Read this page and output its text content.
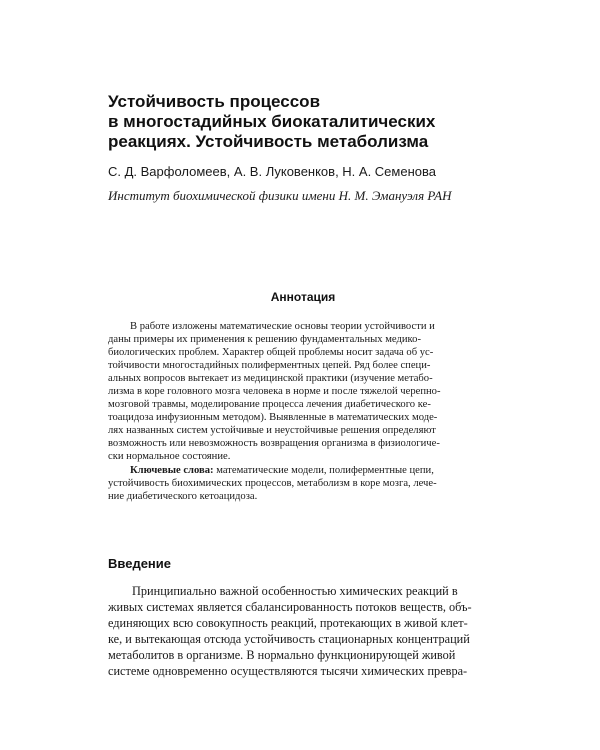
Устойчивость процессов
в многостадийных биокаталитических
реакциях. Устойчивость метаболизма
С. Д. Варфоломеев, А. В. Луковенков, Н. А. Семенова
Институт биохимической физики имени Н. М. Эмануэля РАН
Аннотация
В работе изложены математические основы теории устойчивости и
даны примеры их применения к решению фундаментальных медико-
биологических проблем. Характер общей проблемы носит задача об ус-
тойчивости многостадийных полиферментных цепей. Ряд более специ-
альных вопросов вытекает из медицинской практики (изучение метабо-
лизма в коре головного мозга человека в норме и после тяжелой черепно-
мозговой травмы, моделирование процесса лечения диабетического ке-
тоацидоза инфузионным методом). Выявленные в математических моде-
лях названных систем устойчивые и неустойчивые решения определяют
возможность или невозможность возвращения организма в физиологиче-
ски нормальное состояние.
Ключевые слова: математические модели, полиферментные цепи,
устойчивость биохимических процессов, метаболизм в коре мозга, лече-
ние диабетического кетоацидоза.
Введение
Принципиально важной особенностью химических реакций в
живых системах является сбалансированность потоков веществ, объ-
единяющих всю совокупность реакций, протекающих в живой клет-
ке, и вытекающая отсюда устойчивость стационарных концентраций
метаболитов в организме. В нормально функционирующей живой
системе одновременно осуществляются тысячи химических превра-
